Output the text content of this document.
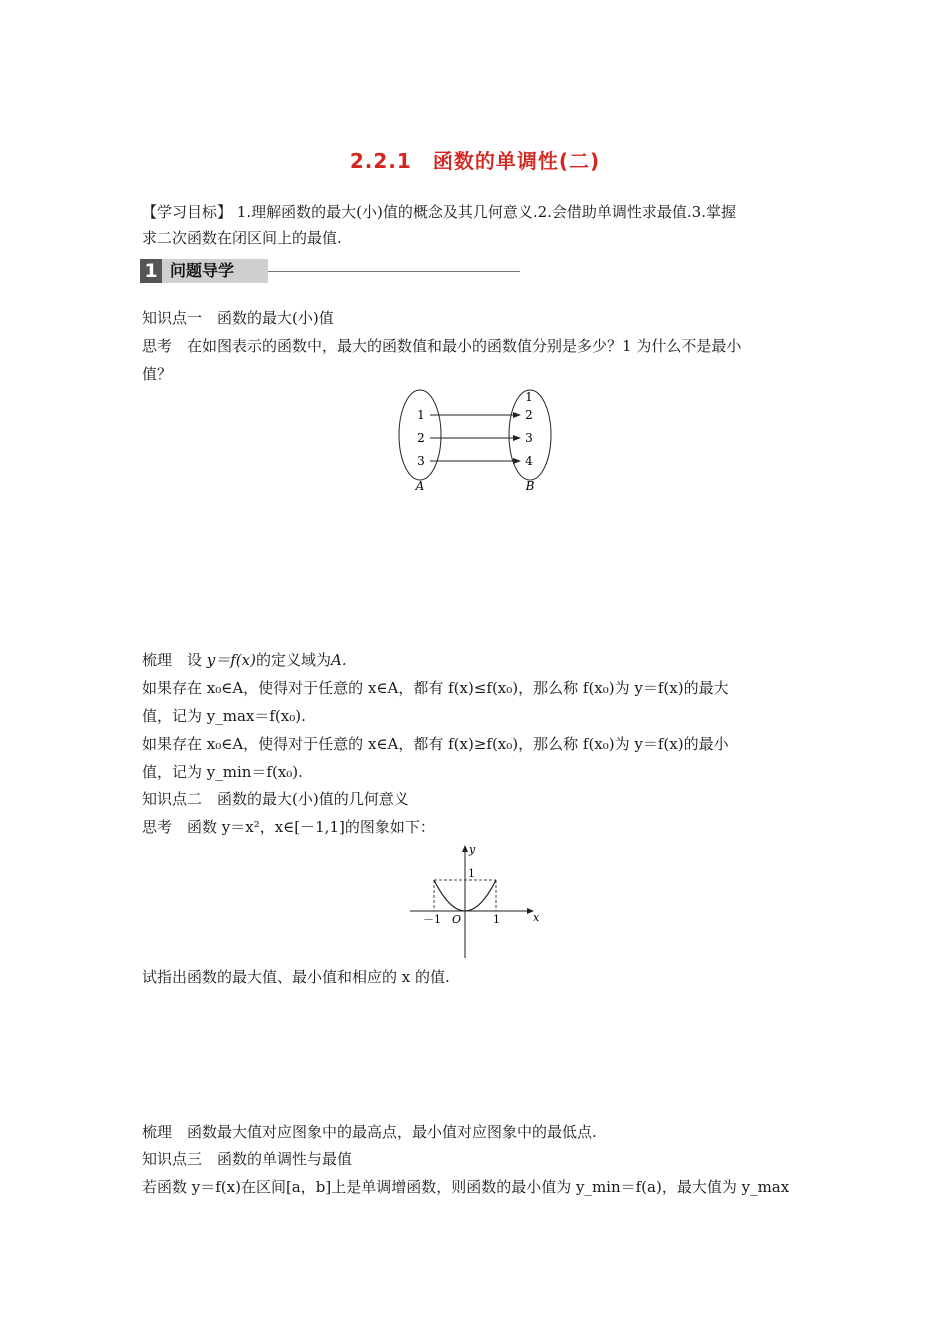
2.2.1　函数的单调性(二)
【学习目标】 1.理解函数的最大(小)值的概念及其几何意义.2.会借助单调性求最值.3.掌握
求二次函数在闭区间上的最值.
1 问题导学
知识点一　函数的最大(小)值
思考　在如图表示的函数中，最大的函数值和最小的函数值分别是多少？1 为什么不是最小
值？
1
2
3
1
2
3
4
A	B
梳理　设 y＝f(x)的定义域为A.
如果存在 x₀∈A，使得对于任意的 x∈A，都有 f(x)≤f(x₀)，那么称 f(x₀)为 y＝f(x)的最大
值，记为 y_max＝f(x₀).
如果存在 x₀∈A，使得对于任意的 x∈A，都有 f(x)≥f(x₀)，那么称 f(x₀)为 y＝f(x)的最小
值，记为 y_min＝f(x₀).
知识点二　函数的最大(小)值的几何意义
思考　函数 y＝x²，x∈[－1,1]的图象如下：
y
1
x
O
－1	1
试指出函数的最大值、最小值和相应的 x 的值.
梳理　函数最大值对应图象中的最高点，最小值对应图象中的最低点.
知识点三　函数的单调性与最值
若函数 y＝f(x)在区间[a，b]上是单调增函数，则函数的最小值为 y_min＝f(a)，最大值为 y_max
